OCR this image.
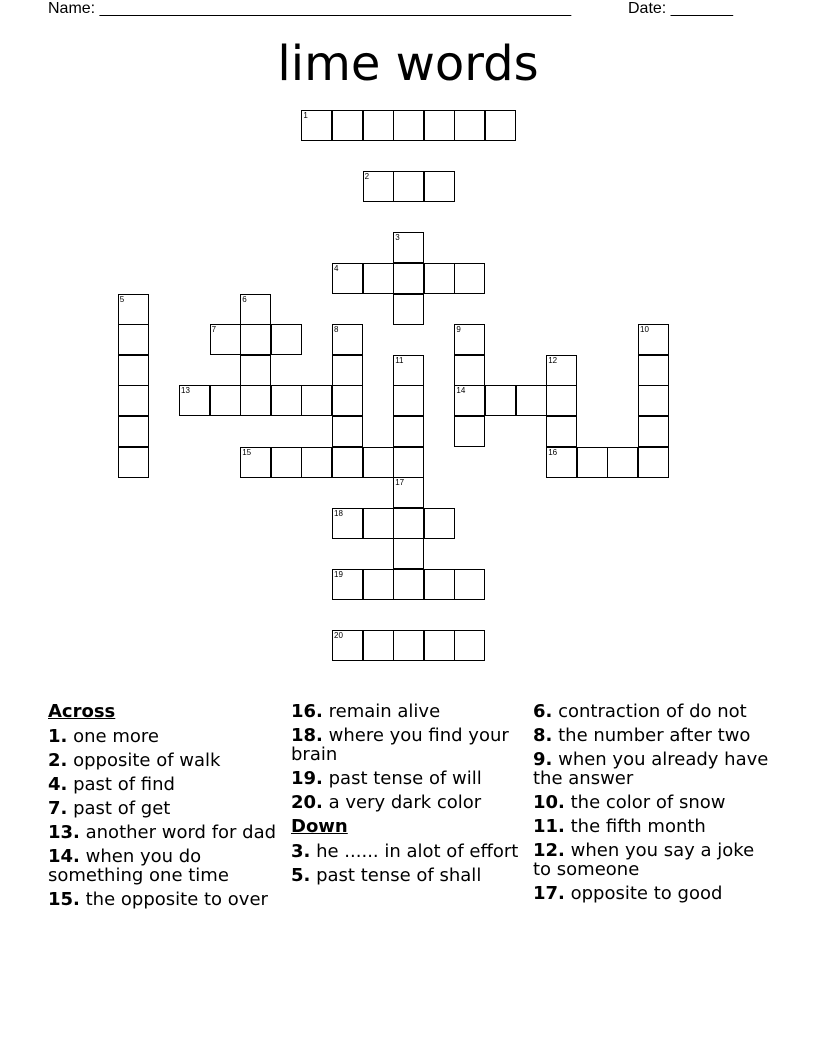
Name: _____________________________________________________	Date: _______
lime words
1
2
3
4
5	6
7	8	9	10
11	12
13	14
15	16
17
18
19
20
Across
1. one more
2. opposite of walk
4. past of find
7. past of get
13. another word for dad
14. when you do something one time
15. the opposite to over
16. remain alive
18. where you find your brain
19. past tense of will
20. a very dark color
Down
3. he ...... in alot of effort
5. past tense of shall
6. contraction of do not
8. the number after two
9. when you already have the answer
10. the color of snow
11. the fifth month
12. when you say a joke to someone
17. opposite to good
